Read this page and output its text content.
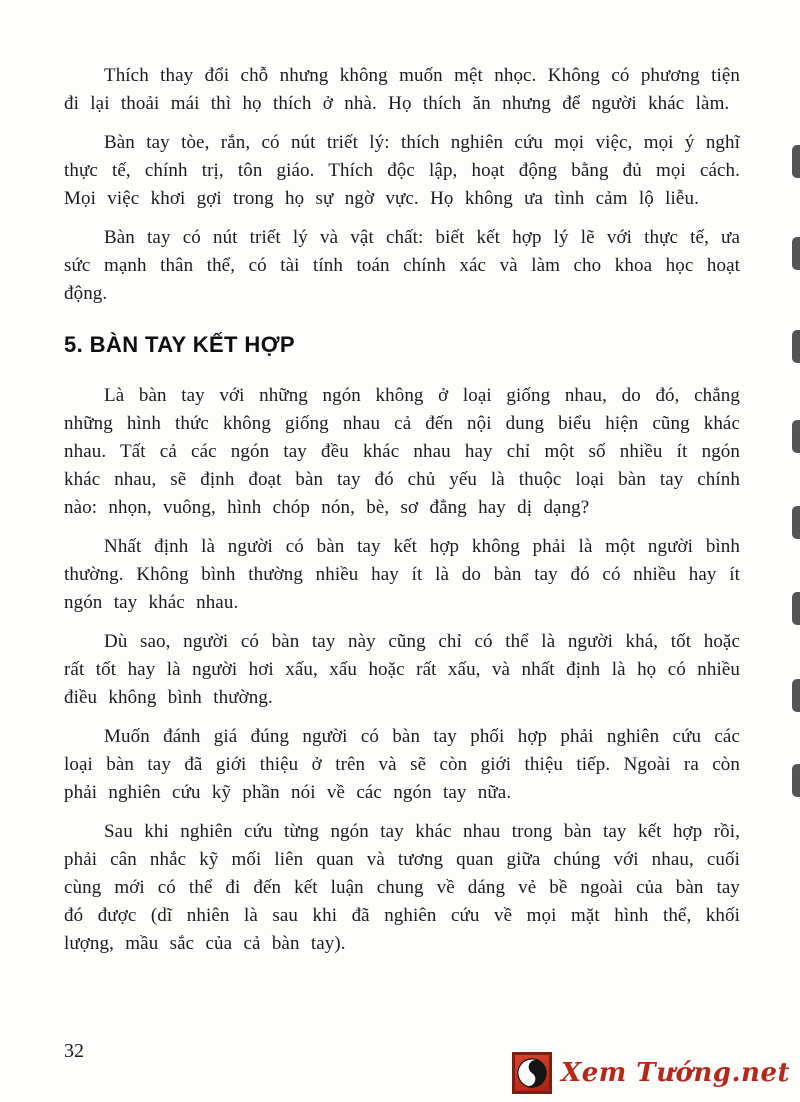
Thích thay đổi chỗ nhưng không muốn mệt nhọc. Không có phương tiện đi lại thoải mái thì họ thích ở nhà. Họ thích ăn nhưng để người khác làm.

Bàn tay tòe, rắn, có nút triết lý: thích nghiên cứu mọi việc, mọi ý nghĩ thực tế, chính trị, tôn giáo. Thích độc lập, hoạt động bằng đủ mọi cách. Mọi việc khơi gợi trong họ sự ngờ vực. Họ không ưa tình cảm lộ liễu.

Bàn tay có nút triết lý và vật chất: biết kết hợp lý lẽ với thực tế, ưa sức mạnh thân thể, có tài tính toán chính xác và làm cho khoa học hoạt động.

5. BÀN TAY KẾT HỢP

Là bàn tay với những ngón không ở loại giống nhau, do đó, chẳng những hình thức không giống nhau cả đến nội dung biểu hiện cũng khác nhau. Tất cả các ngón tay đều khác nhau hay chỉ một số nhiều ít ngón khác nhau, sẽ định đoạt bàn tay đó chủ yếu là thuộc loại bàn tay chính nào: nhọn, vuông, hình chóp nón, bè, sơ đẳng hay dị dạng?

Nhất định là người có bàn tay kết hợp không phải là một người bình thường. Không bình thường nhiều hay ít là do bàn tay đó có nhiều hay ít ngón tay khác nhau.

Dù sao, người có bàn tay này cũng chỉ có thể là người khá, tốt hoặc rất tốt hay là người hơi xấu, xấu hoặc rất xấu, và nhất định là họ có nhiều điều không bình thường.

Muốn đánh giá đúng người có bàn tay phối hợp phải nghiên cứu các loại bàn tay đã giới thiệu ở trên và sẽ còn giới thiệu tiếp. Ngoài ra còn phải nghiên cứu kỹ phần nói về các ngón tay nữa.

Sau khi nghiên cứu từng ngón tay khác nhau trong bàn tay kết hợp rồi, phải cân nhắc kỹ mối liên quan và tương quan giữa chúng với nhau, cuối cùng mới có thể đi đến kết luận chung về dáng vẻ bề ngoài của bàn tay đó được (dĩ nhiên là sau khi đã nghiên cứu về mọi mặt hình thể, khối lượng, mầu sắc của cả bàn tay).

32
Xem Tướng.net
